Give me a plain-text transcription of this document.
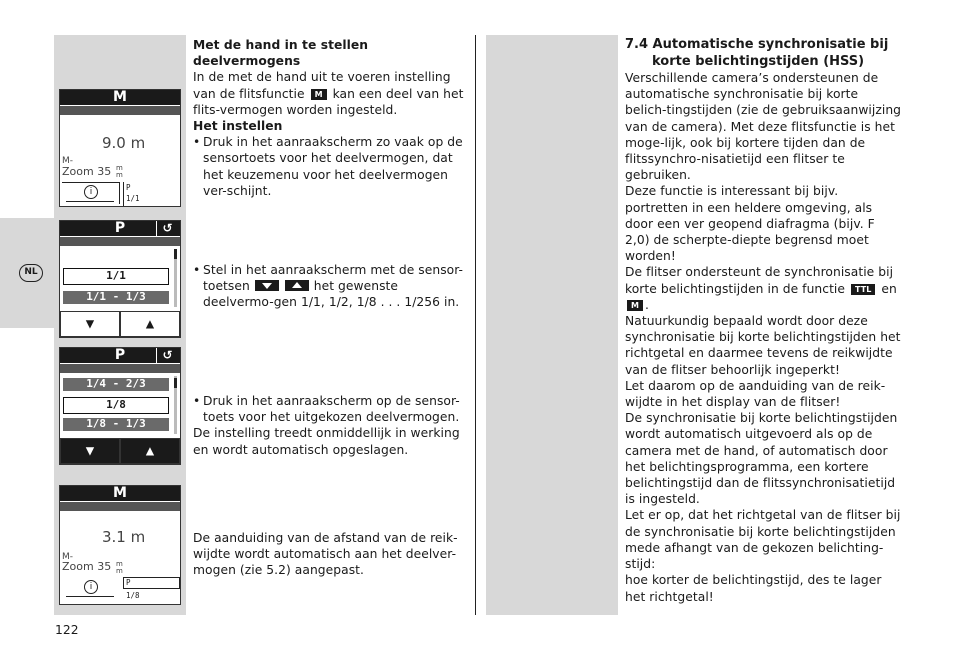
NL
M
9.0 m
M-
Zoom 35 m
m
i	P
1/1
P	↺
1/1
1/1 - 1/3
▼	▲
P	↺
1/4 - 2/3
1/8
1/8 - 1/3
▼	▲
M
3.1 m
M-
Zoom 35 m
m
i	P
1/8

Met de hand in te stellen deelvermogens

In de met de hand uit te voeren instelling van de flitsfunctie M kan een deel van het flits-vermogen worden ingesteld.

Het instellen

• Druk in het aanraakscherm zo vaak op de sensortoets voor het deelvermogen, dat het keuzemenu voor het deelvermogen ver-schijnt.

• Stel in het aanraakscherm met de sensor-toetsen	het gewenste deelvermo-gen 1/1, 1/2, 1/8 . . . 1/256 in.

• Druk in het aanraakscherm op de sensor-toets voor het uitgekozen deelvermogen.

De instelling treedt onmiddellijk in werking en wordt automatisch opgeslagen.

De aanduiding van de afstand van de reik-wijdte wordt automatisch aan het deelver-mogen (zie 5.2) aangepast.

7.4 Automatische synchronisatie bij
korte belichtingstijden (HSS)

Verschillende camera’s ondersteunen de automatische synchronisatie bij korte belich-tingstijden (zie de gebruiksaanwijzing van de camera). Met deze flitsfunctie is het moge-lijk, ook bij kortere tijden dan de flitssynchro-nisatietijd een flitser te gebruiken.

Deze functie is interessant bij bijv. portretten in een heldere omgeving, als door een ver geopend diafragma (bijv. F 2,0) de scherpte-diepte begrensd moet worden!

De flitser ondersteunt de synchronisatie bij korte belichtingstijden in de functie TTL en M .

Natuurkundig bepaald wordt door deze synchronisatie bij korte belichtingstijden het richtgetal en daarmee tevens de reikwijdte van de flitser behoorlijk ingeperkt!

Let daarom op de aanduiding van de reik-wijdte in het display van de flitser!

De synchronisatie bij korte belichtingstijden wordt automatisch uitgevoerd als op de camera met de hand, of automatisch door het belichtingsprogramma, een kortere belichtingstijd dan de flitssynchronisatietijd is ingesteld.

Let er op, dat het richtgetal van de flitser bij de synchronisatie bij korte belichtingstijden mede afhangt van de gekozen belichting-stijd:

hoe korter de belichtingstijd, des te lager het richtgetal!

122
